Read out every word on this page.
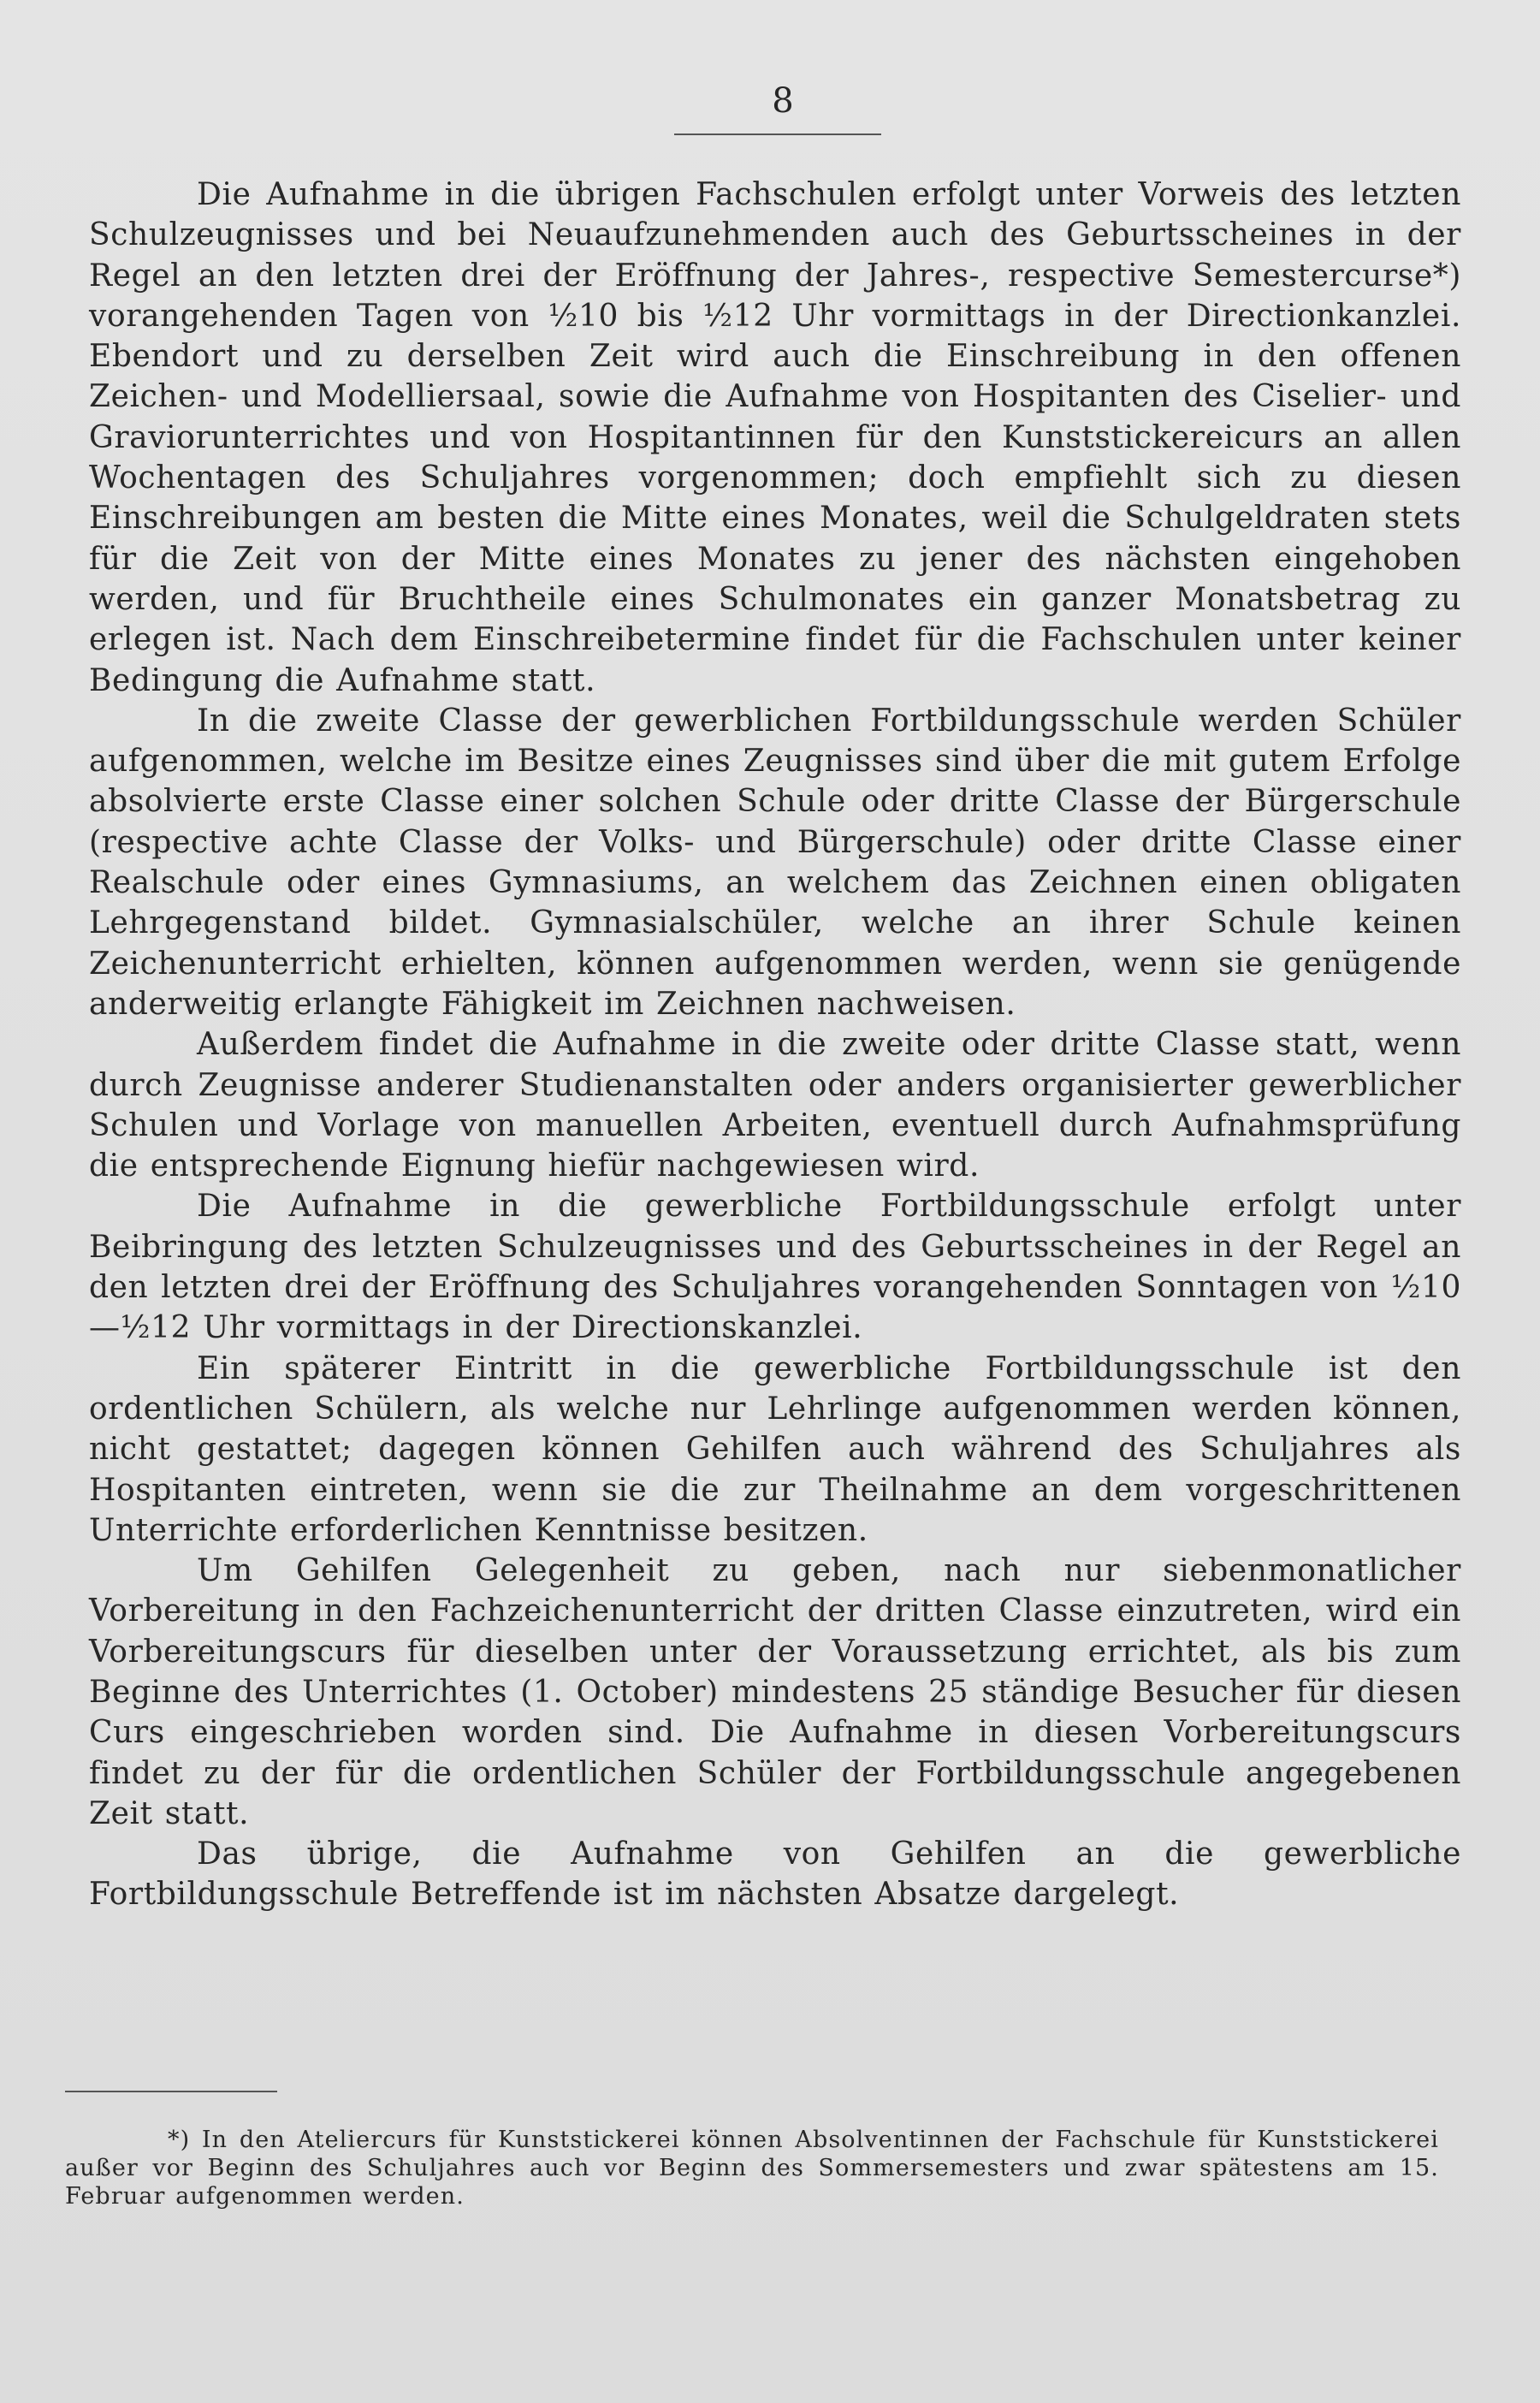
8

Die Aufnahme in die übrigen Fachschulen erfolgt unter Vorweis des letzten Schulzeugnisses und bei Neuaufzunehmenden auch des Geburtsscheines in der Regel an den letzten drei der Eröffnung der Jahres-, respective Semestercurse*) vorangehenden Tagen von ½10 bis ½12 Uhr vormittags in der Directionkanzlei. Ebendort und zu derselben Zeit wird auch die Einschreibung in den offenen Zeichen- und Modelliersaal, sowie die Aufnahme von Hospitanten des Ciselier- und Graviorunterrichtes und von Hospitantinnen für den Kunststickereicurs an allen Wochentagen des Schuljahres vorgenommen; doch empfiehlt sich zu diesen Einschreibungen am besten die Mitte eines Monates, weil die Schulgeldraten stets für die Zeit von der Mitte eines Monates zu jener des nächsten eingehoben werden, und für Bruchtheile eines Schulmonates ein ganzer Monatsbetrag zu erlegen ist. Nach dem Einschreibetermine findet für die Fachschulen unter keiner Bedingung die Aufnahme statt.

In die zweite Classe der gewerblichen Fortbildungsschule werden Schüler aufgenommen, welche im Besitze eines Zeugnisses sind über die mit gutem Erfolge absolvierte erste Classe einer solchen Schule oder dritte Classe der Bürgerschule (respective achte Classe der Volks- und Bürgerschule) oder dritte Classe einer Realschule oder eines Gymnasiums, an welchem das Zeichnen einen obligaten Lehrgegenstand bildet. Gymnasialschüler, welche an ihrer Schule keinen Zeichenunterricht erhielten, können aufgenommen werden, wenn sie genügende anderweitig erlangte Fähigkeit im Zeichnen nachweisen.

Außerdem findet die Aufnahme in die zweite oder dritte Classe statt, wenn durch Zeugnisse anderer Studienanstalten oder anders organisierter gewerblicher Schulen und Vorlage von manuellen Arbeiten, eventuell durch Aufnahmsprüfung die entsprechende Eignung hiefür nachgewiesen wird.

Die Aufnahme in die gewerbliche Fortbildungsschule erfolgt unter Beibringung des letzten Schulzeugnisses und des Geburtsscheines in der Regel an den letzten drei der Eröffnung des Schuljahres vorangehenden Sonntagen von ½10—½12 Uhr vormittags in der Directionskanzlei.

Ein späterer Eintritt in die gewerbliche Fortbildungsschule ist den ordentlichen Schülern, als welche nur Lehrlinge aufgenommen werden können, nicht gestattet; dagegen können Gehilfen auch während des Schuljahres als Hospitanten eintreten, wenn sie die zur Theilnahme an dem vorgeschrittenen Unterrichte erforderlichen Kenntnisse besitzen.

Um Gehilfen Gelegenheit zu geben, nach nur siebenmonatlicher Vorbereitung in den Fachzeichenunterricht der dritten Classe einzutreten, wird ein Vorbereitungscurs für dieselben unter der Voraussetzung errichtet, als bis zum Beginne des Unterrichtes (1. October) mindestens 25 ständige Besucher für diesen Curs eingeschrieben worden sind. Die Aufnahme in diesen Vorbereitungscurs findet zu der für die ordentlichen Schüler der Fortbildungsschule angegebenen Zeit statt.

Das übrige, die Aufnahme von Gehilfen an die gewerbliche Fortbildungsschule Betreffende ist im nächsten Absatze dargelegt.

*) In den Ateliercurs für Kunststickerei können Absolventinnen der Fachschule für Kunststickerei außer vor Beginn des Schuljahres auch vor Beginn des Sommersemesters und zwar spätestens am 15. Februar aufgenommen werden.
